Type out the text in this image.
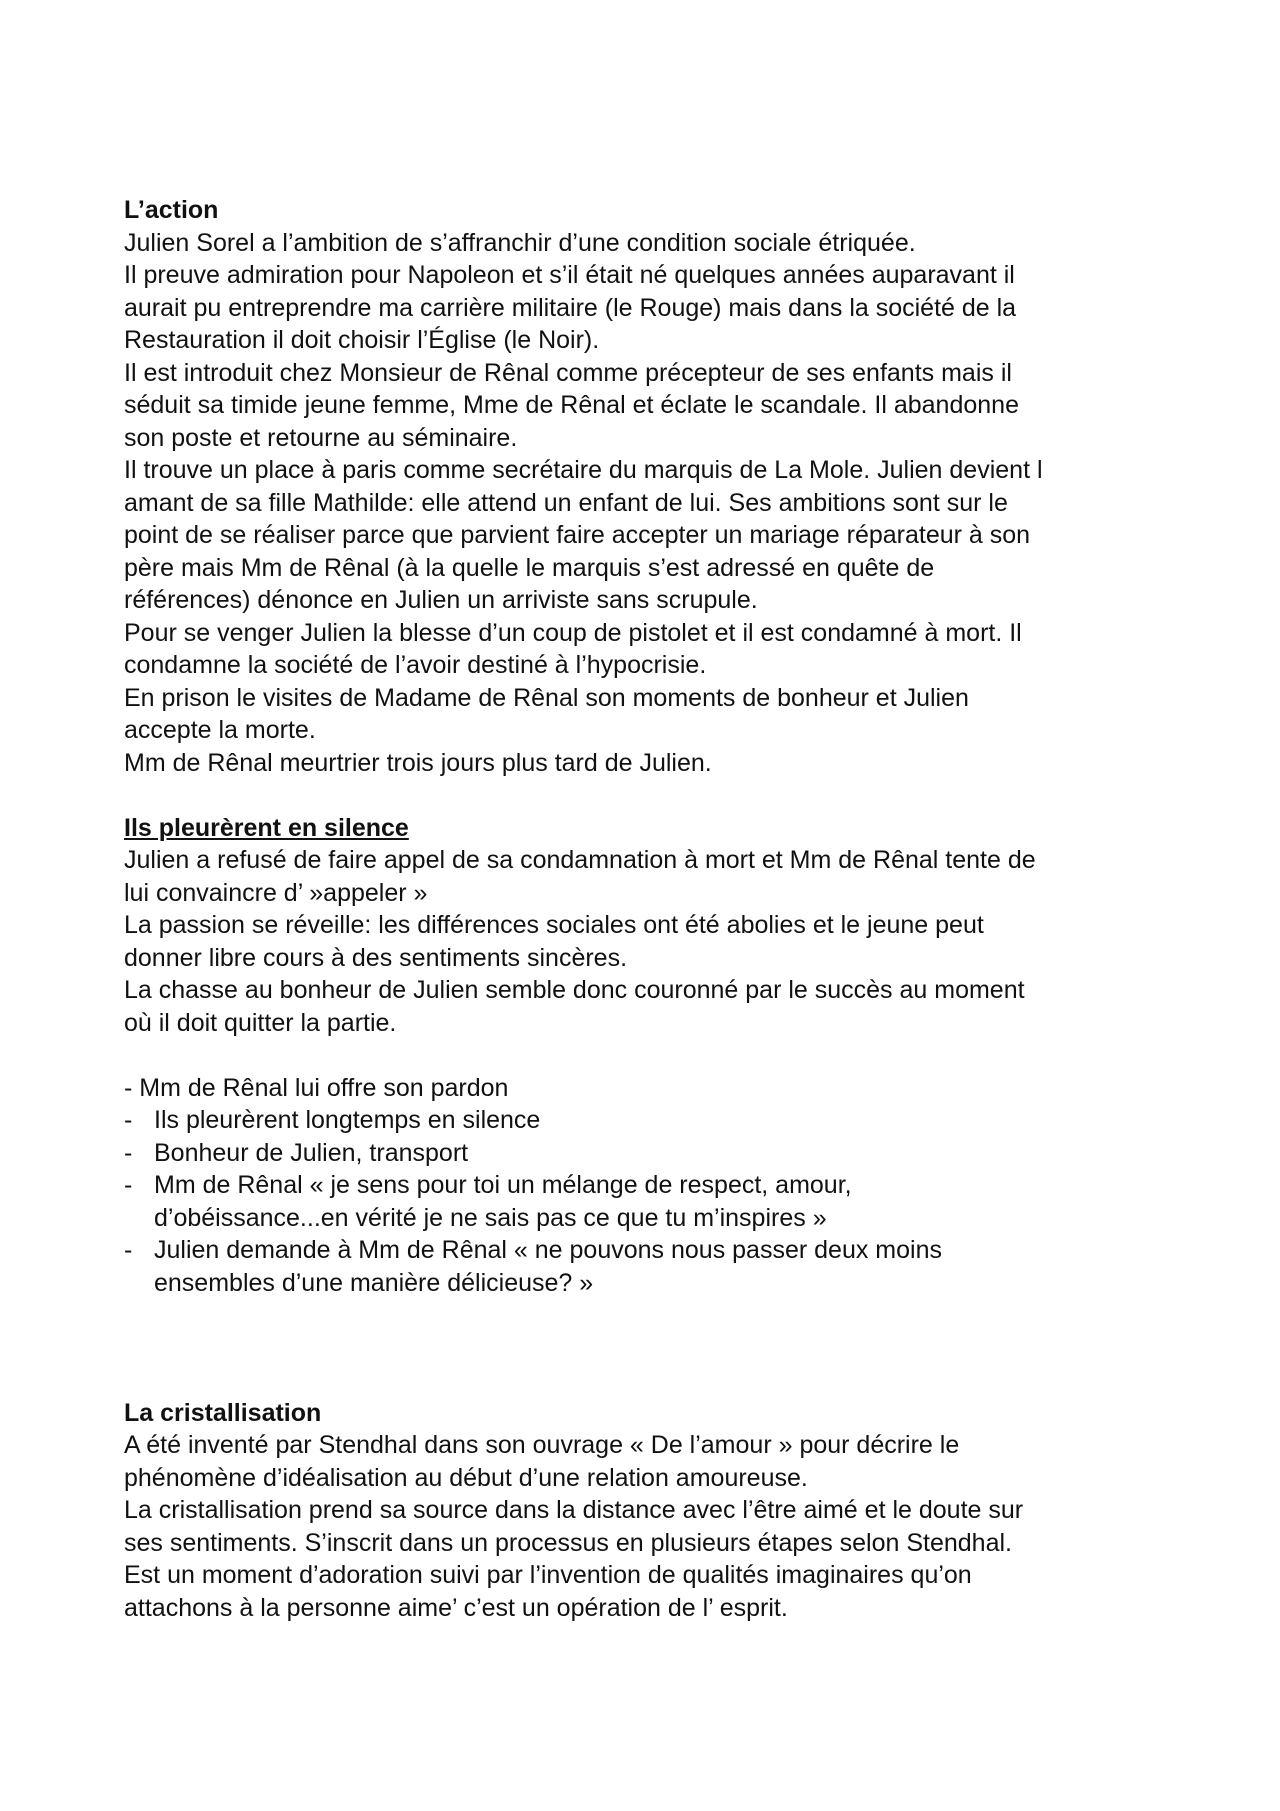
L’action

Julien Sorel a l’ambition de s’affranchir d’une condition sociale étriquée.

Il preuve admiration pour Napoleon et s’il était né quelques années auparavant il

aurait pu entreprendre ma carrière militaire (le Rouge) mais dans la société de la

Restauration il doit choisir l’Église (le Noir).

Il est introduit chez Monsieur de Rênal comme précepteur de ses enfants mais il

séduit sa timide jeune femme, Mme de Rênal et éclate le scandale. Il abandonne

son poste et retourne au séminaire.

Il trouve un place à paris comme secrétaire du marquis de La Mole. Julien devient l

amant de sa fille Mathilde: elle attend un enfant de lui. Ses ambitions sont sur le

point de se réaliser parce que parvient faire accepter un mariage réparateur à son

père mais Mm de Rênal (à la quelle le marquis s’est adressé en quête de

références) dénonce en Julien un arriviste sans scrupule.

Pour se venger Julien la blesse d’un coup de pistolet et il est condamné à mort. Il

condamne la société de l’avoir destiné à l’hypocrisie.

En prison le visites de Madame de Rênal son moments de bonheur et Julien

accepte la morte.

Mm de Rênal meurtrier trois jours plus tard de Julien.

Ils pleurèrent en silence

Julien a refusé de faire appel de sa condamnation à mort et Mm de Rênal tente de

lui convaincre d’ »appeler »

La passion se réveille: les différences sociales ont été abolies et le jeune peut

donner libre cours à des sentiments sincères.

La chasse au bonheur de Julien semble donc couronné par le succès au moment

où il doit quitter la partie.

- Mm de Rênal lui offre son pardon

- Ils pleurèrent longtemps en silence
- Bonheur de Julien, transport
- Mm de Rênal « je sens pour toi un mélange de respect, amour,
d’obéissance...en vérité je ne sais pas ce que tu m’inspires »
- Julien demande à Mm de Rênal « ne pouvons nous passer deux moins
ensembles d’une manière délicieuse? »

La cristallisation

A été inventé par Stendhal dans son ouvrage « De l’amour » pour décrire le

phénomène d’idéalisation au début d’une relation amoureuse.

La cristallisation prend sa source dans la distance avec l’être aimé et le doute sur

ses sentiments. S’inscrit dans un processus en plusieurs étapes selon Stendhal.

Est un moment d’adoration suivi par l’invention de qualités imaginaires qu’on

attachons à la personne aime’ c’est un opération de l’ esprit.
